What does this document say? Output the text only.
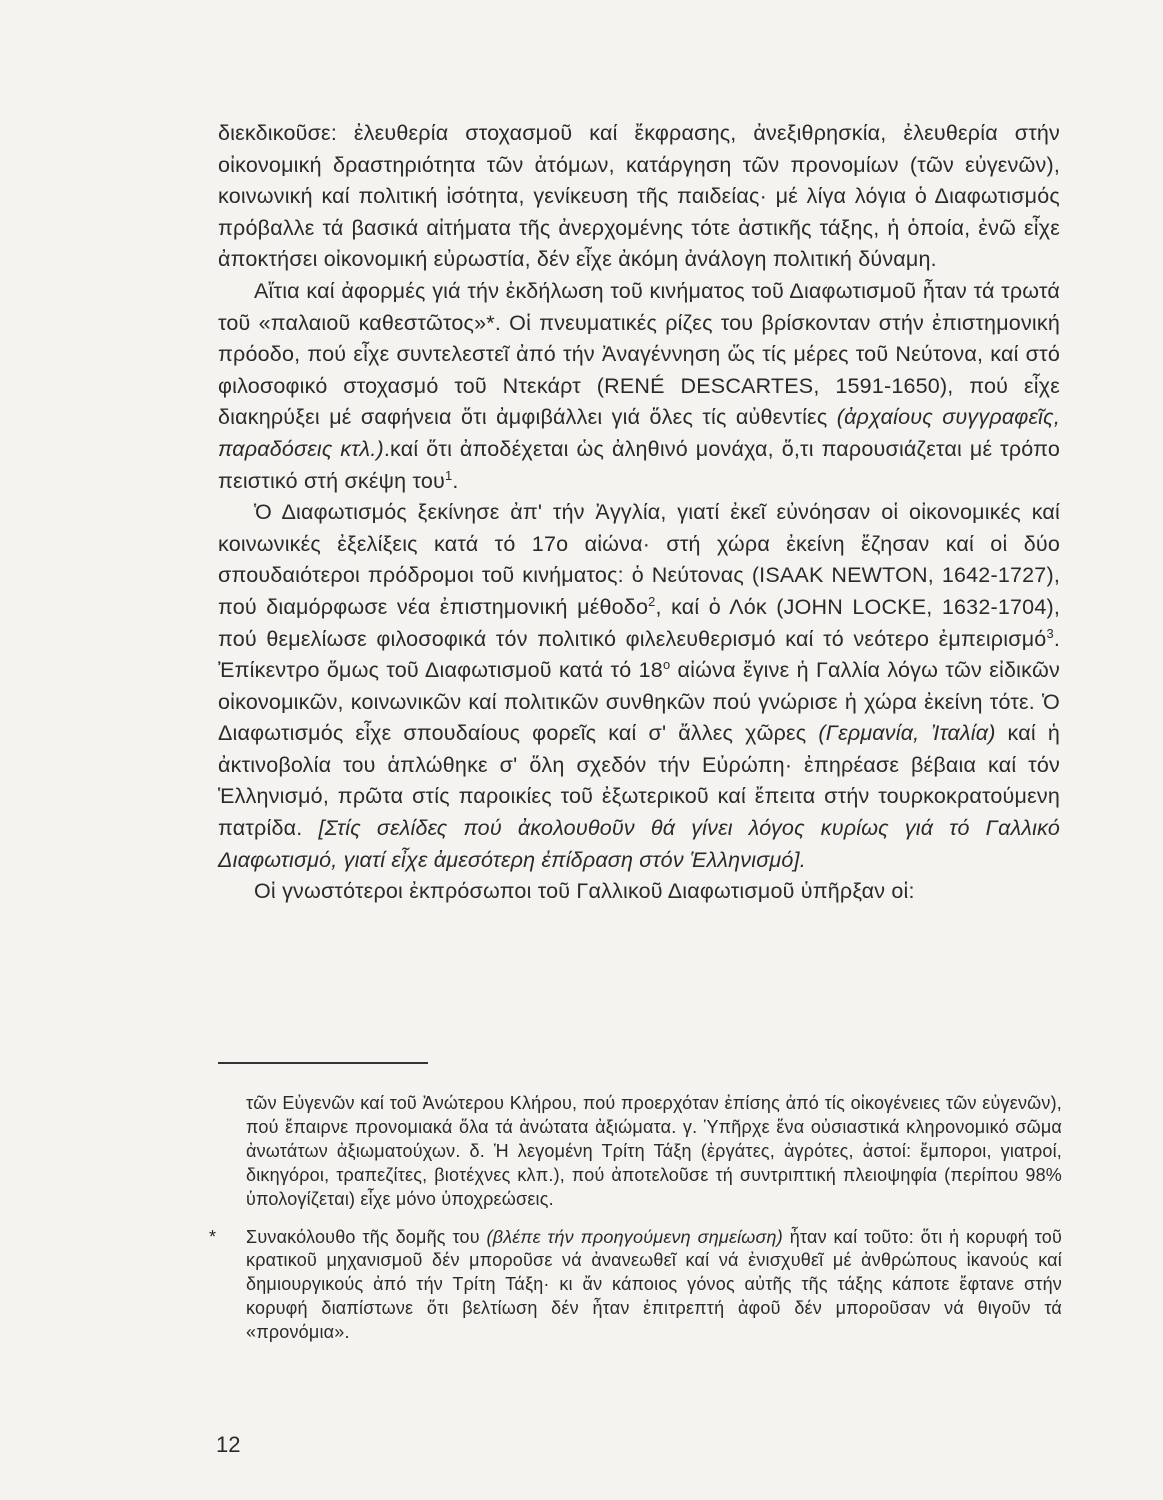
διεκδικοῦσε: ἐλευθερία στοχασμοῦ καί ἔκφρασης, ἀνεξιθρησκία, ἐλευθερία στήν οἰκονομική δραστηριότητα τῶν ἀτόμων, κατάργηση τῶν προνομίων (τῶν εὐγενῶν), κοινωνική καί πολιτική ἰσότητα, γενίκευση τῆς παιδείας· μέ λίγα λόγια ὁ Διαφωτισμός πρόβαλλε τά βασικά αἰτήματα τῆς ἀνερχομένης τότε ἀστικῆς τάξης, ἡ ὁποία, ἐνῶ εἶχε ἀποκτήσει οἰκονομική εὐρωστία, δέν εἶχε ἀκόμη ἀνάλογη πολιτική δύναμη.

Αἴτια καί ἀφορμές γιά τήν ἐκδήλωση τοῦ κινήματος τοῦ Διαφωτισμοῦ ἦταν τά τρωτά τοῦ «παλαιοῦ καθεστῶτος»*. Οἱ πνευματικές ρίζες του βρίσκονταν στήν ἐπιστημονική πρόοδο, πού εἶχε συντελεστεῖ ἀπό τήν Ἀναγέννηση ὥς τίς μέρες τοῦ Νεύτονα, καί στό φιλοσοφικό στοχασμό τοῦ Ντεκάρτ (RENÉ DESCARTES, 1591-1650), πού εἶχε διακηρύξει μέ σαφήνεια ὅτι ἀμφιβάλλει γιά ὅλες τίς αὐθεντίες (ἀρχαίους συγγραφεῖς, παραδόσεις κτλ.).καί ὅτι ἀποδέχεται ὡς ἀληθινό μονάχα, ὅ,τι παρουσιάζεται μέ τρόπο πειστικό στή σκέψη του$^1$.

Ὁ Διαφωτισμός ξεκίνησε ἀπ' τήν Ἀγγλία, γιατί ἐκεῖ εὐνόησαν οἱ οἰκονομικές καί κοινωνικές ἐξελίξεις κατά τό 17ο αἰώνα· στή χώρα ἐκείνη ἔζησαν καί οἱ δύο σπουδαιότεροι πρόδρομοι τοῦ κινήματος: ὁ Νεύτονας (ISAAK NEWTON, 1642-1727), πού διαμόρφωσε νέα ἐπιστημονική μέθοδο$^2$, καί ὁ Λόκ (JOHN LOCKE, 1632-1704), πού θεμελίωσε φιλοσοφικά τόν πολιτικό φιλελευθερισμό καί τό νεότερο ἐμπειρισμό$^3$. Ἐπίκεντρο ὅμως τοῦ Διαφωτισμοῦ κατά τό $18^o$ αἰώνα ἔγινε ἡ Γαλλία λόγω τῶν εἰδικῶν οἰκονομικῶν, κοινωνικῶν καί πολιτικῶν συνθηκῶν πού γνώρισε ἡ χώρα ἐκείνη τότε. Ὁ Διαφωτισμός εἶχε σπουδαίους φορεῖς καί σ' ἄλλες χῶρες (Γερμανία, Ἰταλία) καί ἡ ἀκτινοβολία του ἁπλώθηκε σ' ὅλη σχεδόν τήν Εὐρώπη· ἐπηρέασε βέβαια καί τόν Ἑλληνισμό, πρῶτα στίς παροικίες τοῦ ἐξωτερικοῦ καί ἔπειτα στήν τουρκοκρατούμενη πατρίδα. [Στίς σελίδες πού ἀκολουθοῦν θά γίνει λόγος κυρίως γιά τό Γαλλικό Διαφωτισμό, γιατί εἶχε ἀμεσότερη ἐπίδραση στόν Ἑλληνισμό].

Οἱ γνωστότεροι ἐκπρόσωποι τοῦ Γαλλικοῦ Διαφωτισμοῦ ὑπῆρξαν οἱ:

τῶν Εὐγενῶν καί τοῦ Ἀνώτερου Κλήρου, πού προερχόταν ἐπίσης ἀπό τίς οἰκογένειες τῶν εὐγενῶν), πού ἔπαιρνε προνομιακά ὅλα τά ἀνώτατα ἀξιώματα. γ. Ὑπῆρχε ἕνα οὐσιαστικά κληρονομικό σῶμα ἀνωτάτων ἀξιωματούχων. δ. Ἡ λεγομένη Τρίτη Τάξη (ἐργάτες, ἀγρότες, ἀστοί: ἔμποροι, γιατροί, δικηγόροι, τραπεζίτες, βιοτέχνες κλπ.), πού ἀποτελοῦσε τή συντριπτική πλειοψηφία (περίπου 98% ὑπολογίζεται) εἶχε μόνο ὑποχρεώσεις.

* Συνακόλουθο τῆς δομῆς του (βλέπε τήν προηγούμενη σημείωση) ἦταν καί τοῦτο: ὅτι ἡ κορυφή τοῦ κρατικοῦ μηχανισμοῦ δέν μποροῦσε νά ἀνανεωθεῖ καί νά ἐνισχυθεῖ μέ ἀνθρώπους ἱκανούς καί δημιουργικούς ἀπό τήν Τρίτη Τάξη· κι ἄν κάποιος γόνος αὐτῆς τῆς τάξης κάποτε ἔφτανε στήν κορυφή διαπίστωνε ὅτι βελτίωση δέν ἦταν ἐπιτρεπτή ἀφοῦ δέν μποροῦσαν νά θιγοῦν τά «προνόμια».

12
